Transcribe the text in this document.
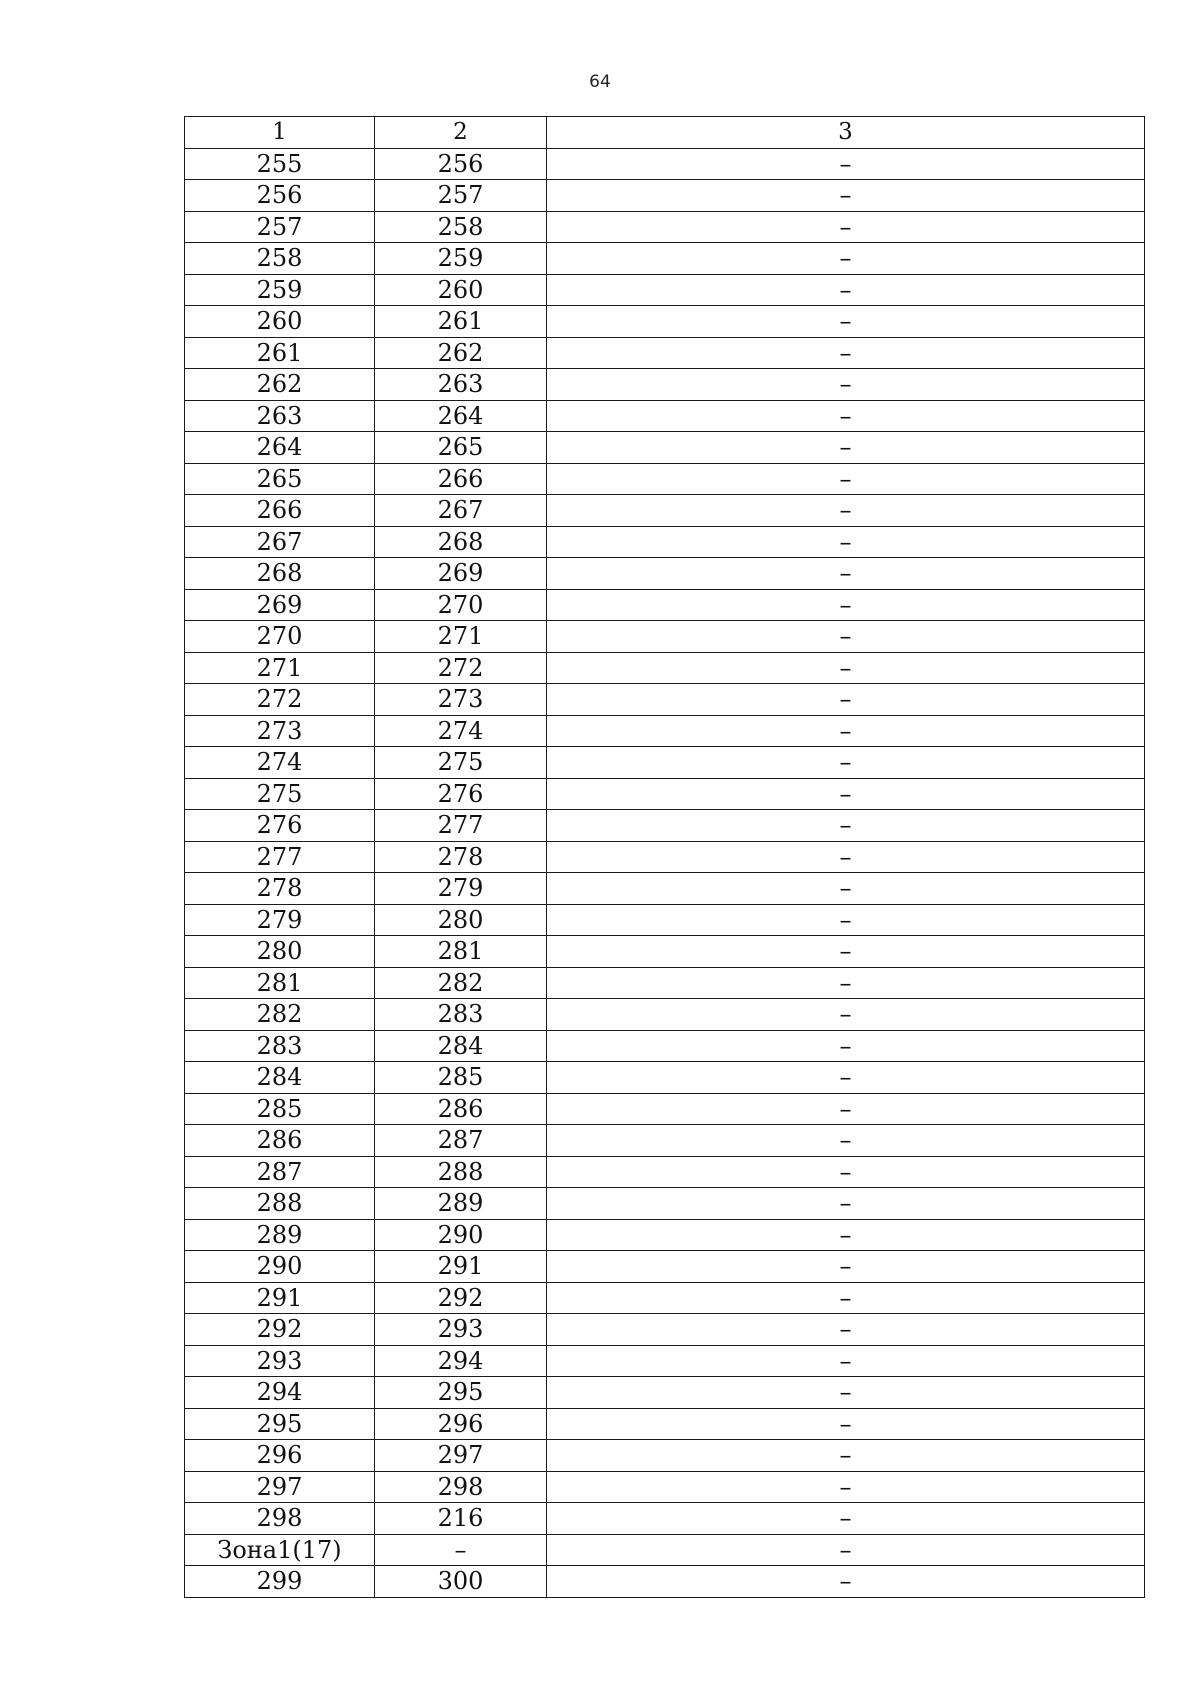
64
1	2	3
255	256	–
256	257	–
257	258	–
258	259	–
259	260	–
260	261	–
261	262	–
262	263	–
263	264	–
264	265	–
265	266	–
266	267	–
267	268	–
268	269	–
269	270	–
270	271	–
271	272	–
272	273	–
273	274	–
274	275	–
275	276	–
276	277	–
277	278	–
278	279	–
279	280	–
280	281	–
281	282	–
282	283	–
283	284	–
284	285	–
285	286	–
286	287	–
287	288	–
288	289	–
289	290	–
290	291	–
291	292	–
292	293	–
293	294	–
294	295	–
295	296	–
296	297	–
297	298	–
298	216	–
Зона1(17)	–	–
299	300	–
